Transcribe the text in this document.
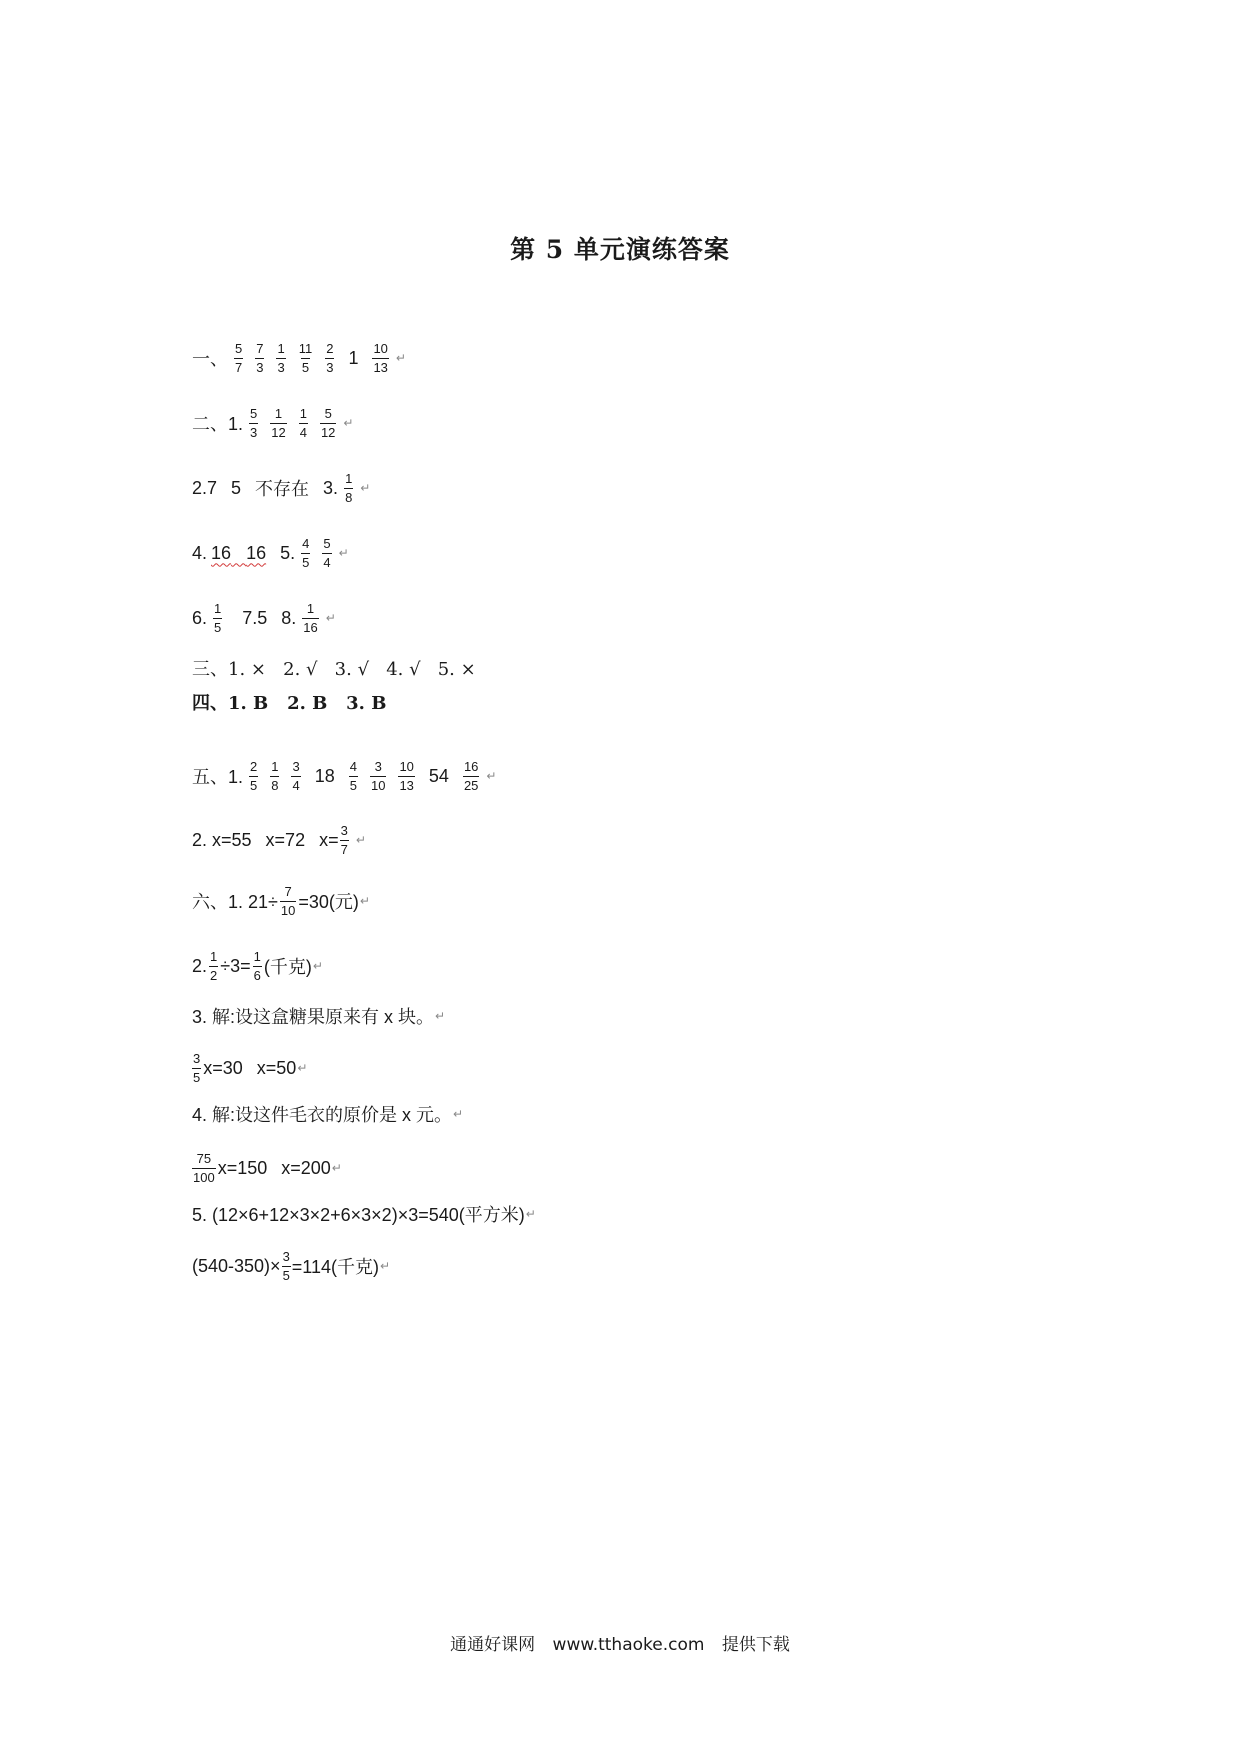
第 5 单元演练答案
一、 $\frac{5}{7} \frac{7}{3} \frac{1}{3} \frac{11}{5} \frac{2}{3} 1 \frac{10}{13}$ ↵
二、1. $\frac{5}{3} \frac{1}{12} \frac{1}{4} \frac{5}{12}$ ↵
2.7 5 不存在 3. $\frac{1}{8}$ ↵
4. 16 16 5. $\frac{4}{5} \frac{5}{4}$ ↵
6. $\frac{1}{5} 7.5$ 8. $\frac{1}{16}$ ↵
三、1. ×   2. √   3. √   4. √   5. ×
四、1. B   2. B   3. B
五、1. $\frac{2}{5} \frac{1}{8} \frac{3}{4} 18 \frac{4}{5} \frac{3}{10} \frac{10}{13} 54 \frac{16}{25}$ ↵
2. x=55 x=72 $x= \frac{3}{7}$ ↵
六、1. $21\div \frac{7}{10} =30$(元) ↵
2. $\frac{1}{2} \div 3= \frac{1}{6}$ (千克) ↵
3. 解:设这盒糖果原来有 x 块。 ↵
$\frac{3}{5} x=30$ x=50 ↵
4. 解:设这件毛衣的原价是 x 元。 ↵
$\frac{75}{100} x=150$ x=200 ↵
5. (12×6+12×3×2+6×3×2)×3=540(平方米) ↵
$(540-350)\times \frac{3}{5} =114$(千克) ↵
通通好课网 www.tthaoke.com 提供下载
